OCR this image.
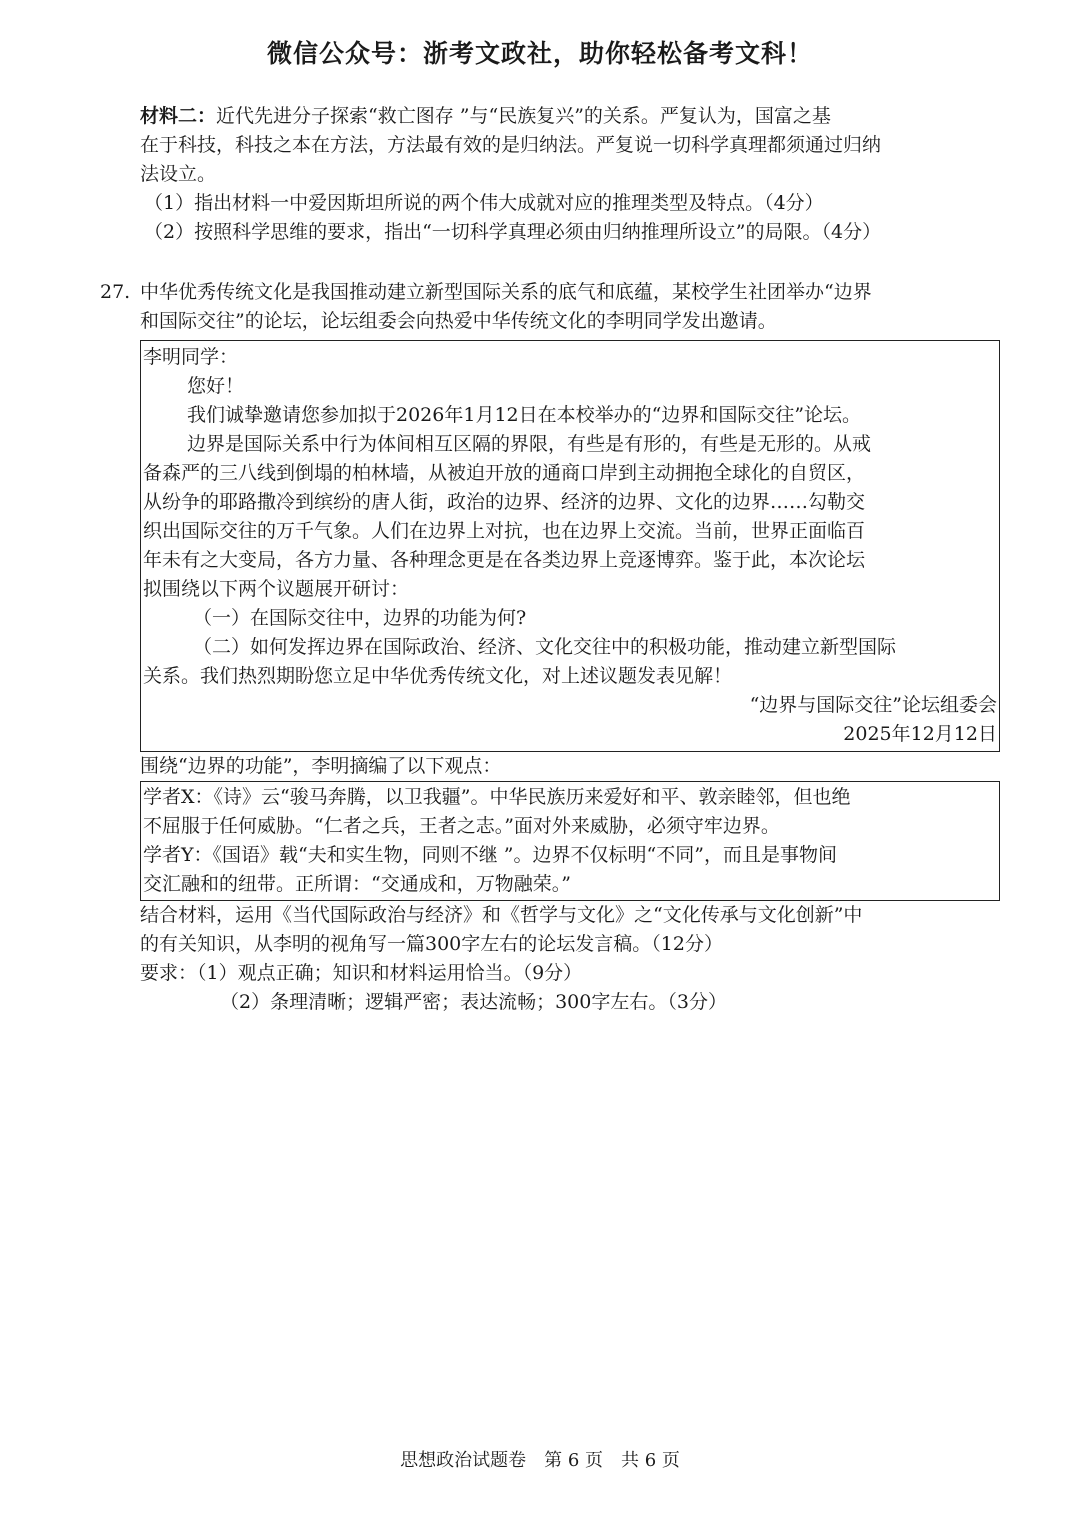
微信公众号：浙考文政社，助你轻松备考文科！

材料二：近代先进分子探索“救亡图存 ”与“民族复兴”的关系。严复认为，国富之基

在于科技，科技之本在方法，方法最有效的是归纳法。严复说一切科学真理都须通过归纳

法设立。

（1）指出材料一中爱因斯坦所说的两个伟大成就对应的推理类型及特点。（4分）

（2）按照科学思维的要求，指出“一切科学真理必须由归纳推理所设立”的局限。（4分）

27. 中华优秀传统文化是我国推动建立新型国际关系的底气和底蕴，某校学生社团举办“边界

和国际交往”的论坛，论坛组委会向热爱中华传统文化的李明同学发出邀请。

李明同学：

您好！

我们诚挚邀请您参加拟于2026年1月12日在本校举办的“边界和国际交往”论坛。

边界是国际关系中行为体间相互区隔的界限，有些是有形的，有些是无形的。从戒

备森严的三八线到倒塌的柏林墙，从被迫开放的通商口岸到主动拥抱全球化的自贸区，

从纷争的耶路撒冷到缤纷的唐人街，政治的边界、经济的边界、文化的边界……勾勒交

织出国际交往的万千气象。人们在边界上对抗，也在边界上交流。当前，世界正面临百

年未有之大变局，各方力量、各种理念更是在各类边界上竞逐博弈。鉴于此，本次论坛

拟围绕以下两个议题展开研讨：

（一）在国际交往中，边界的功能为何?

（二）如何发挥边界在国际政治、经济、文化交往中的积极功能，推动建立新型国际

关系。我们热烈期盼您立足中华优秀传统文化，对上述议题发表见解！

“边界与国际交往”论坛组委会

2025年12月12日

围绕“边界的功能”，李明摘编了以下观点：

学者X：《诗》云“骏马奔腾，以卫我疆”。中华民族历来爱好和平、敦亲睦邻，但也绝

不屈服于任何威胁。“仁者之兵，王者之志。”面对外来威胁，必须守牢边界。

学者Y：《国语》载“夫和实生物，同则不继 ”。边界不仅标明“不同”，而且是事物间

交汇融和的纽带。正所谓：“交通成和，万物融荣。”

结合材料，运用《当代国际政治与经济》和《哲学与文化》之“文化传承与文化创新”中

的有关知识，从李明的视角写一篇300字左右的论坛发言稿。（12分）

要求：（1）观点正确；知识和材料运用恰当。（9分）

（2）条理清晰；逻辑严密；表达流畅；300字左右。（3分）

思想政治试题卷　第 6 页　共 6 页
